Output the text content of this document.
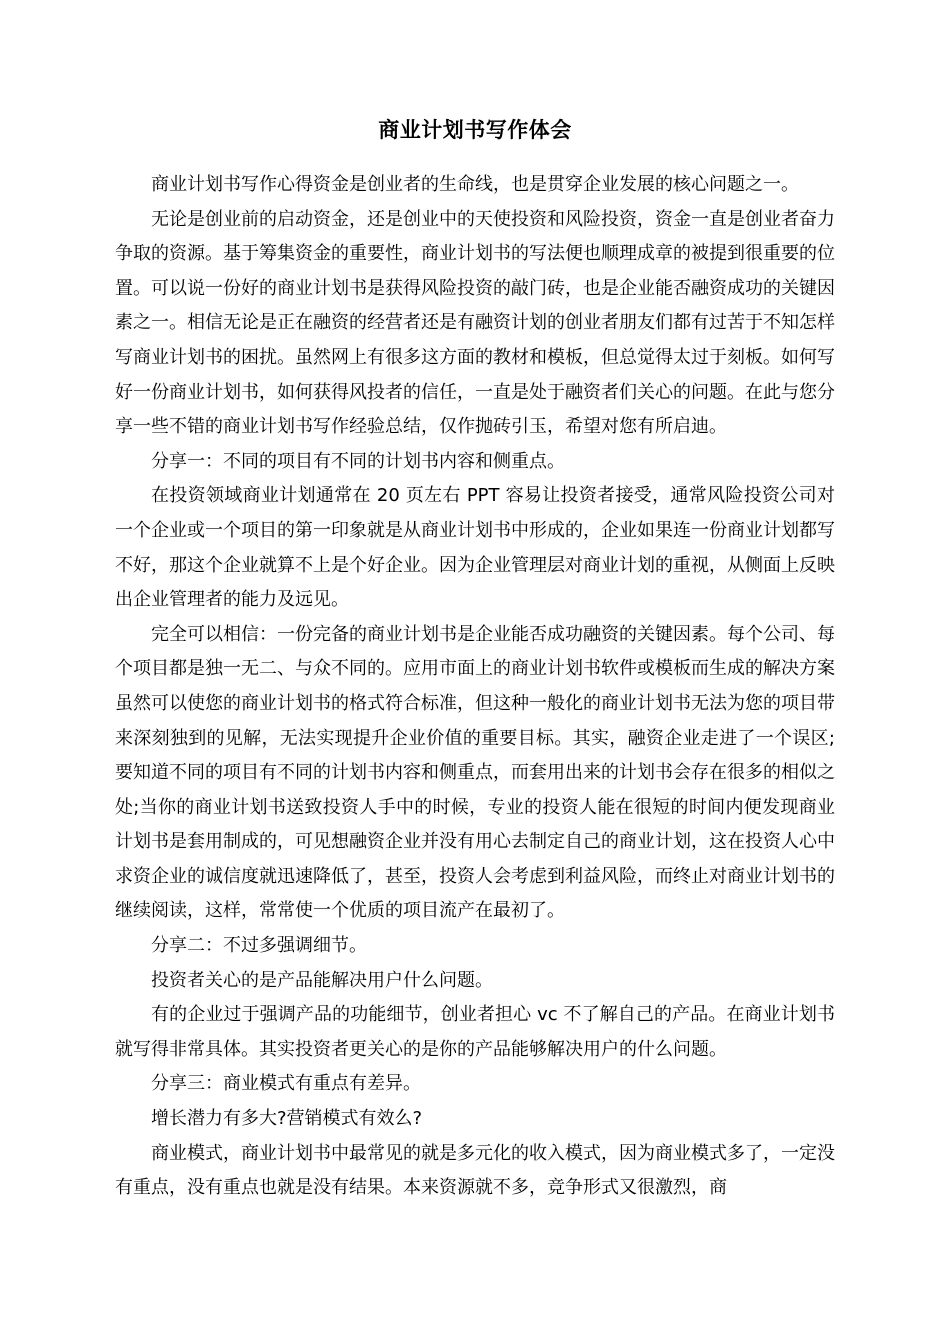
商业计划书写作体会

商业计划书写作心得资金是创业者的生命线，也是贯穿企业发展的核心问题之一。

无论是创业前的启动资金，还是创业中的天使投资和风险投资，资金一直是创业者奋力争取的资源。基于筹集资金的重要性，商业计划书的写法便也顺理成章的被提到很重要的位置。可以说一份好的商业计划书是获得风险投资的敲门砖，也是企业能否融资成功的关键因素之一。相信无论是正在融资的经营者还是有融资计划的创业者朋友们都有过苦于不知怎样写商业计划书的困扰。虽然网上有很多这方面的教材和模板，但总觉得太过于刻板。如何写好一份商业计划书，如何获得风投者的信任，一直是处于融资者们关心的问题。在此与您分享一些不错的商业计划书写作经验总结，仅作抛砖引玉，希望对您有所启迪。

分享一：不同的项目有不同的计划书内容和侧重点。

在投资领域商业计划通常在 20 页左右 PPT 容易让投资者接受，通常风险投资公司对一个企业或一个项目的第一印象就是从商业计划书中形成的，企业如果连一份商业计划都写不好，那这个企业就算不上是个好企业。因为企业管理层对商业计划的重视，从侧面上反映出企业管理者的能力及远见。

完全可以相信：一份完备的商业计划书是企业能否成功融资的关键因素。每个公司、每个项目都是独一无二、与众不同的。应用市面上的商业计划书软件或模板而生成的解决方案虽然可以使您的商业计划书的格式符合标准，但这种一般化的商业计划书无法为您的项目带来深刻独到的见解，无法实现提升企业价值的重要目标。其实，融资企业走进了一个误区;要知道不同的项目有不同的计划书内容和侧重点，而套用出来的计划书会存在很多的相似之处;当你的商业计划书送致投资人手中的时候，专业的投资人能在很短的时间内便发现商业计划书是套用制成的，可见想融资企业并没有用心去制定自己的商业计划，这在投资人心中求资企业的诚信度就迅速降低了，甚至，投资人会考虑到利益风险，而终止对商业计划书的继续阅读，这样，常常使一个优质的项目流产在最初了。

分享二：不过多强调细节。

投资者关心的是产品能解决用户什么问题。

有的企业过于强调产品的功能细节，创业者担心 vc 不了解自己的产品。在商业计划书就写得非常具体。其实投资者更关心的是你的产品能够解决用户的什么问题。

分享三：商业模式有重点有差异。

增长潜力有多大?营销模式有效么?

商业模式，商业计划书中最常见的就是多元化的收入模式，因为商业模式多了，一定没有重点，没有重点也就是没有结果。本来资源就不多，竞争形式又很激烈，商
